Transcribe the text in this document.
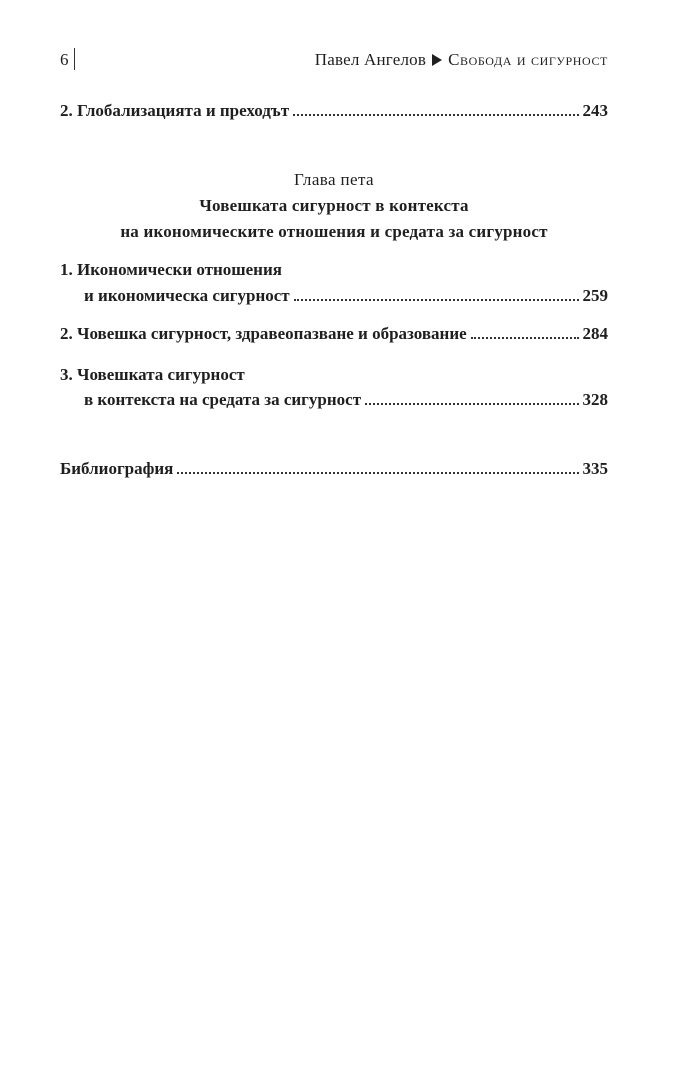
6	Павел Ангелов Свобода и сигурност
2. Глобализацията и преходът	243
Глава пета
Човешката сигурност в контекста
на икономическите отношения и средата за сигурност
1. Икономически отношения
и икономическа сигурност	259
2. Човешка сигурност, здравеопазване и образование	284
3. Човешката сигурност
в контекста на средата за сигурност	328
Библиография	335
